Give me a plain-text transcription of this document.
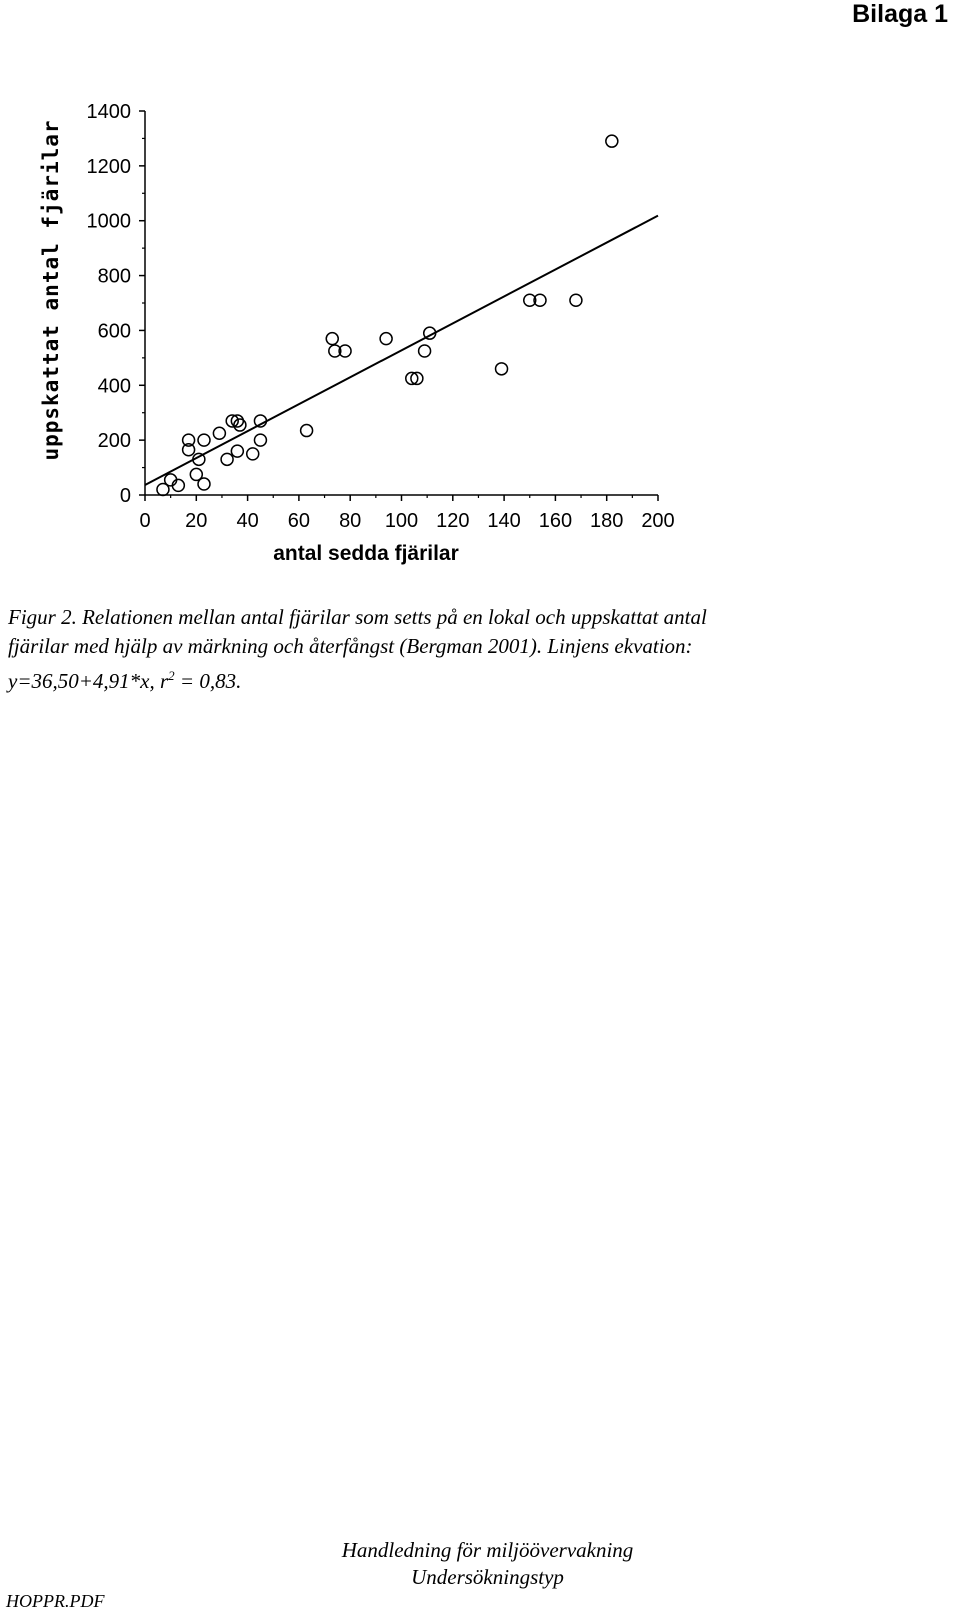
Bilaga 1
0
200
400
600
800
1000
1200
1400
0 20 40 60 80 100 120 140 160 180 200
antal sedda fjärilar
uppskattat antal fjärilar
Figur 2. Relationen mellan antal fjärilar som setts på en lokal och uppskattat antal
fjärilar med hjälp av märkning och återfångst (Bergman 2001). Linjens ekvation:
y=36,50+4,91*x, $r^2 = 0,83$.
Handledning för miljöövervakning
Undersökningstyp
HOPPR.PDF
